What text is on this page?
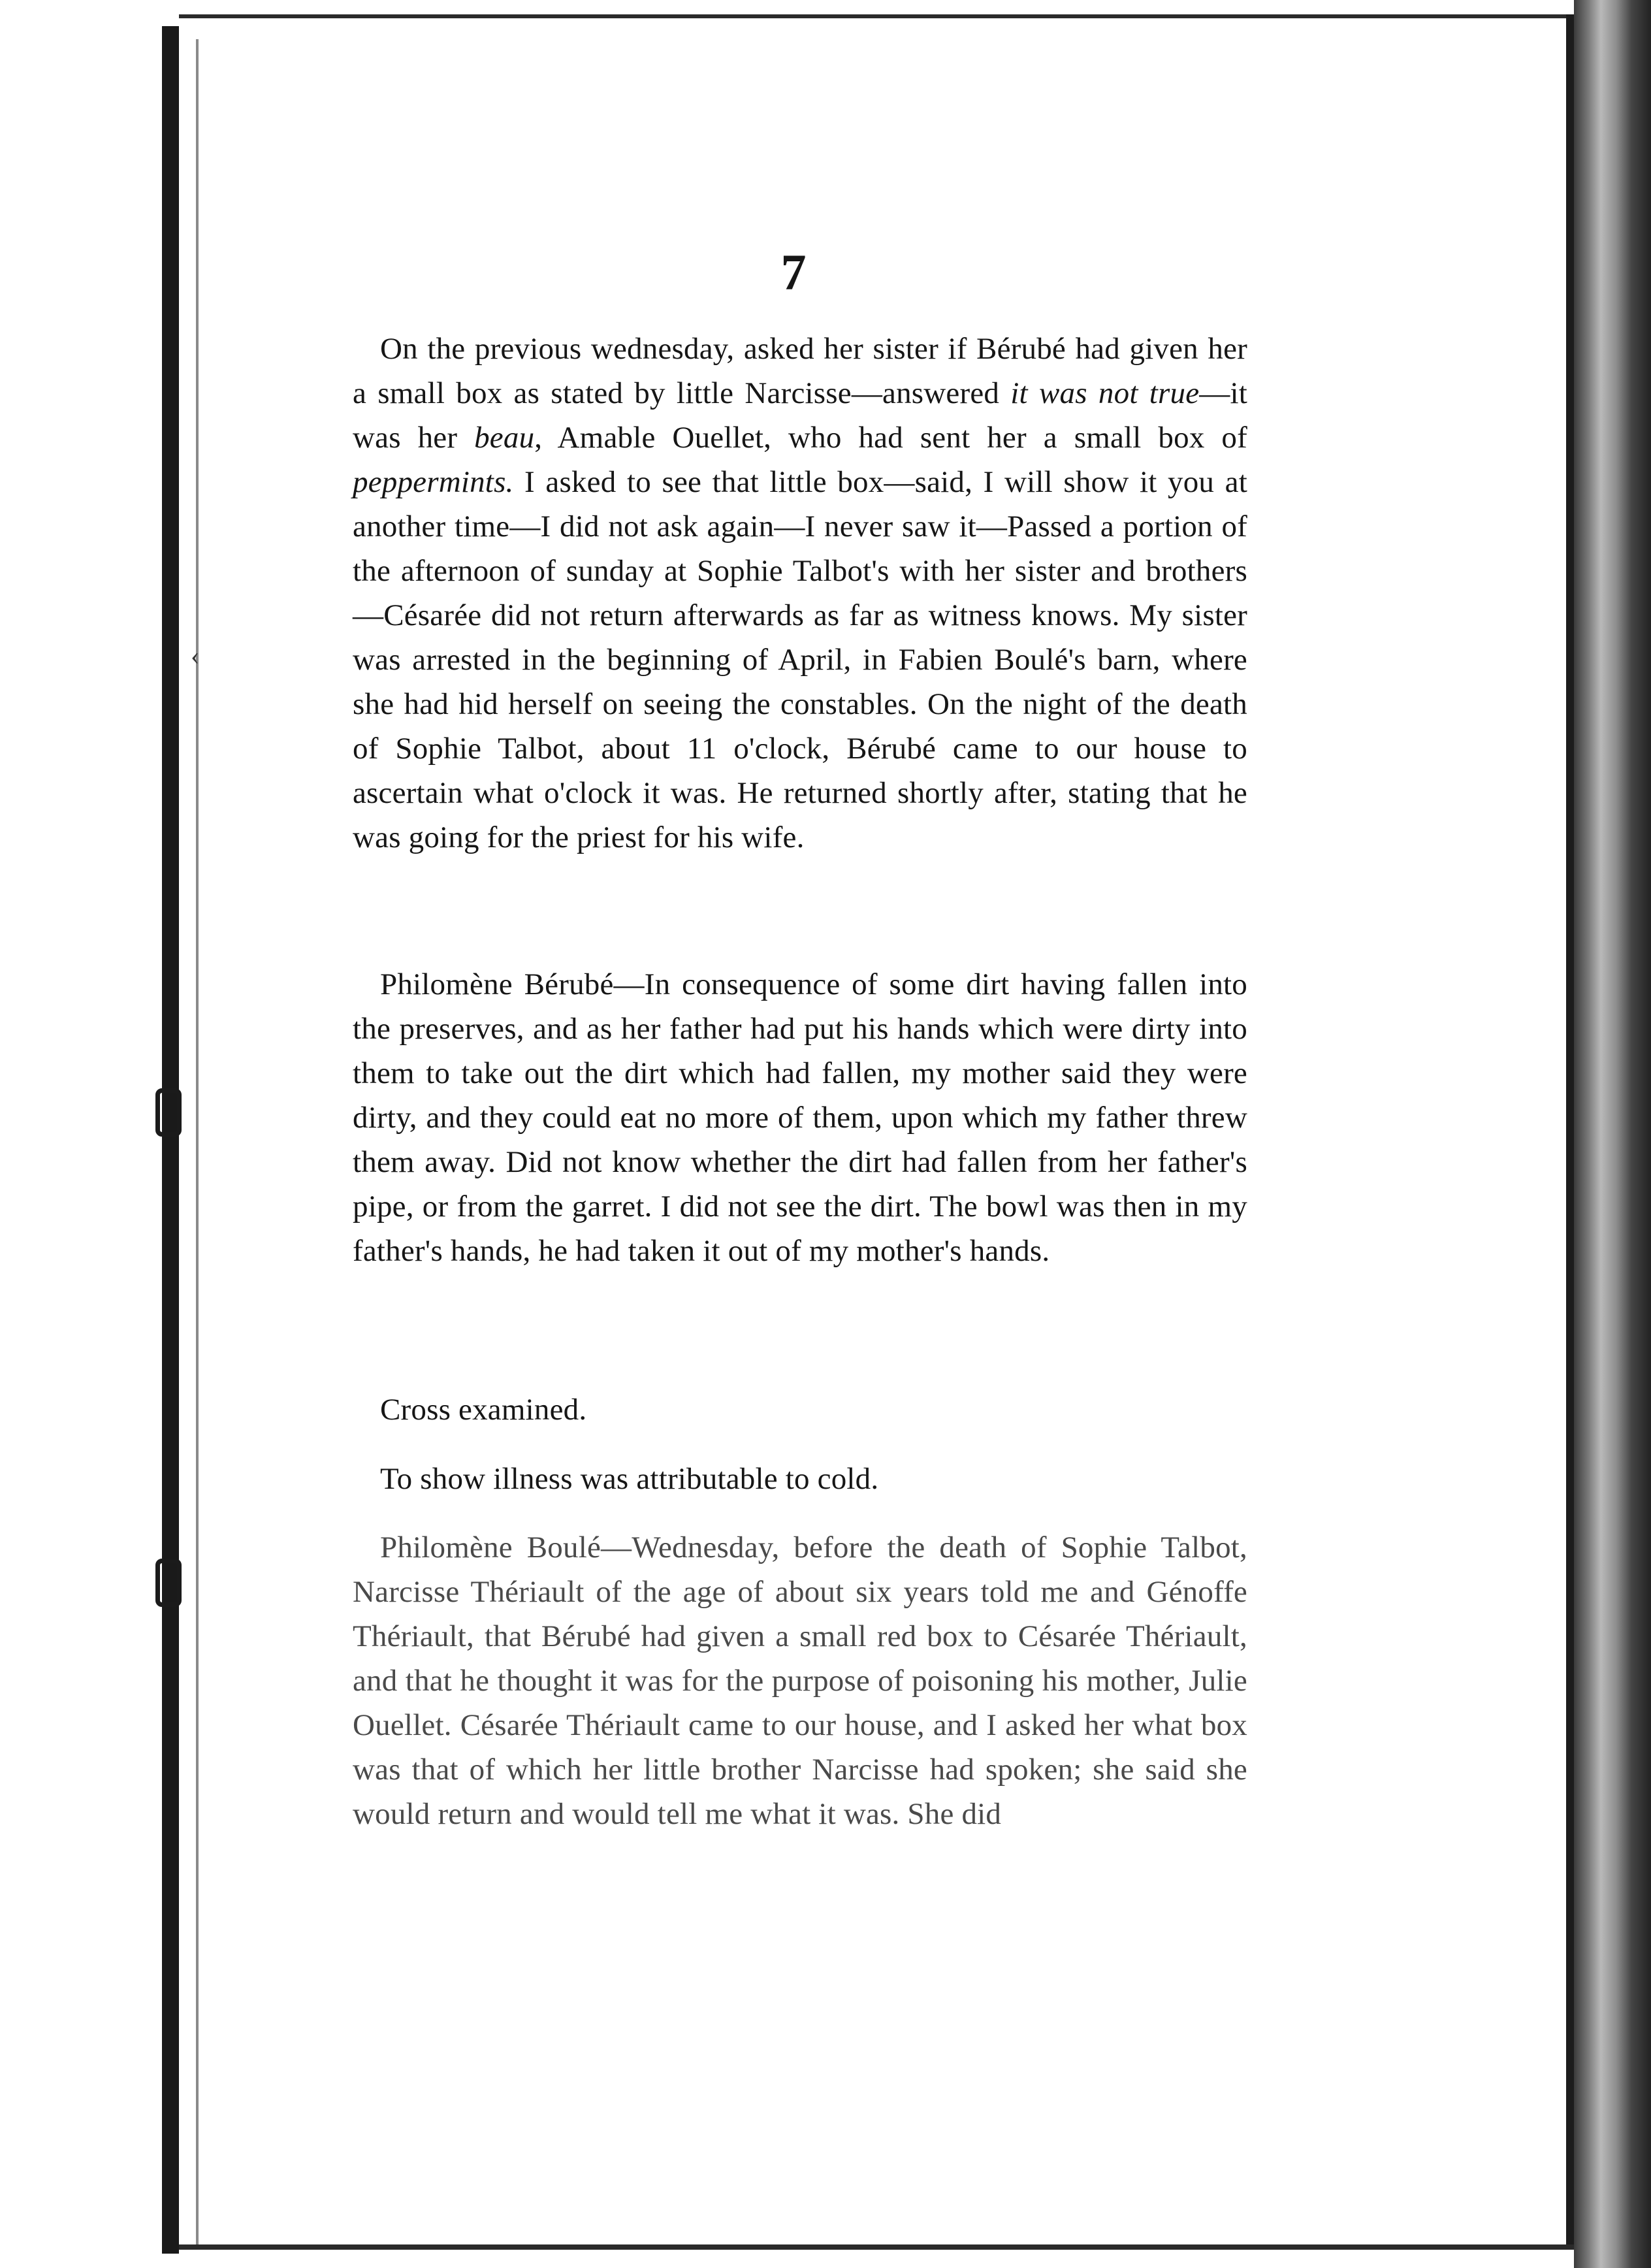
‹
7

On the previous wednesday, asked her sister if Bérubé had given her a small box as stated by little Narcisse—answered it was not true—it was her beau, Amable Ouellet, who had sent her a small box of peppermints. I asked to see that little box—said, I will show it you at another time—I did not ask again—I never saw it—Passed a portion of the afternoon of sunday at Sophie Talbot's with her sister and brothers—Césarée did not return afterwards as far as witness knows. My sister was arrested in the beginning of April, in Fabien Boulé's barn, where she had hid herself on seeing the constables. On the night of the death of Sophie Talbot, about 11 o'clock, Bérubé came to our house to ascertain what o'clock it was. He returned shortly after, stating that he was going for the priest for his wife.

Philomène Bérubé—In consequence of some dirt having fallen into the preserves, and as her father had put his hands which were dirty into them to take out the dirt which had fallen, my mother said they were dirty, and they could eat no more of them, upon which my father threw them away. Did not know whether the dirt had fallen from her father's pipe, or from the garret. I did not see the dirt. The bowl was then in my father's hands, he had taken it out of my mother's hands.

Cross examined.

To show illness was attributable to cold.

Philomène Boulé—Wednesday, before the death of Sophie Talbot, Narcisse Thériault of the age of about six years told me and Génoffe Thériault, that Bérubé had given a small red box to Césarée Thériault, and that he thought it was for the purpose of poisoning his mother, Julie Ouellet. Césarée Thériault came to our house, and I asked her what box was that of which her little brother Narcisse had spoken; she said she would return and would tell me what it was. She did
